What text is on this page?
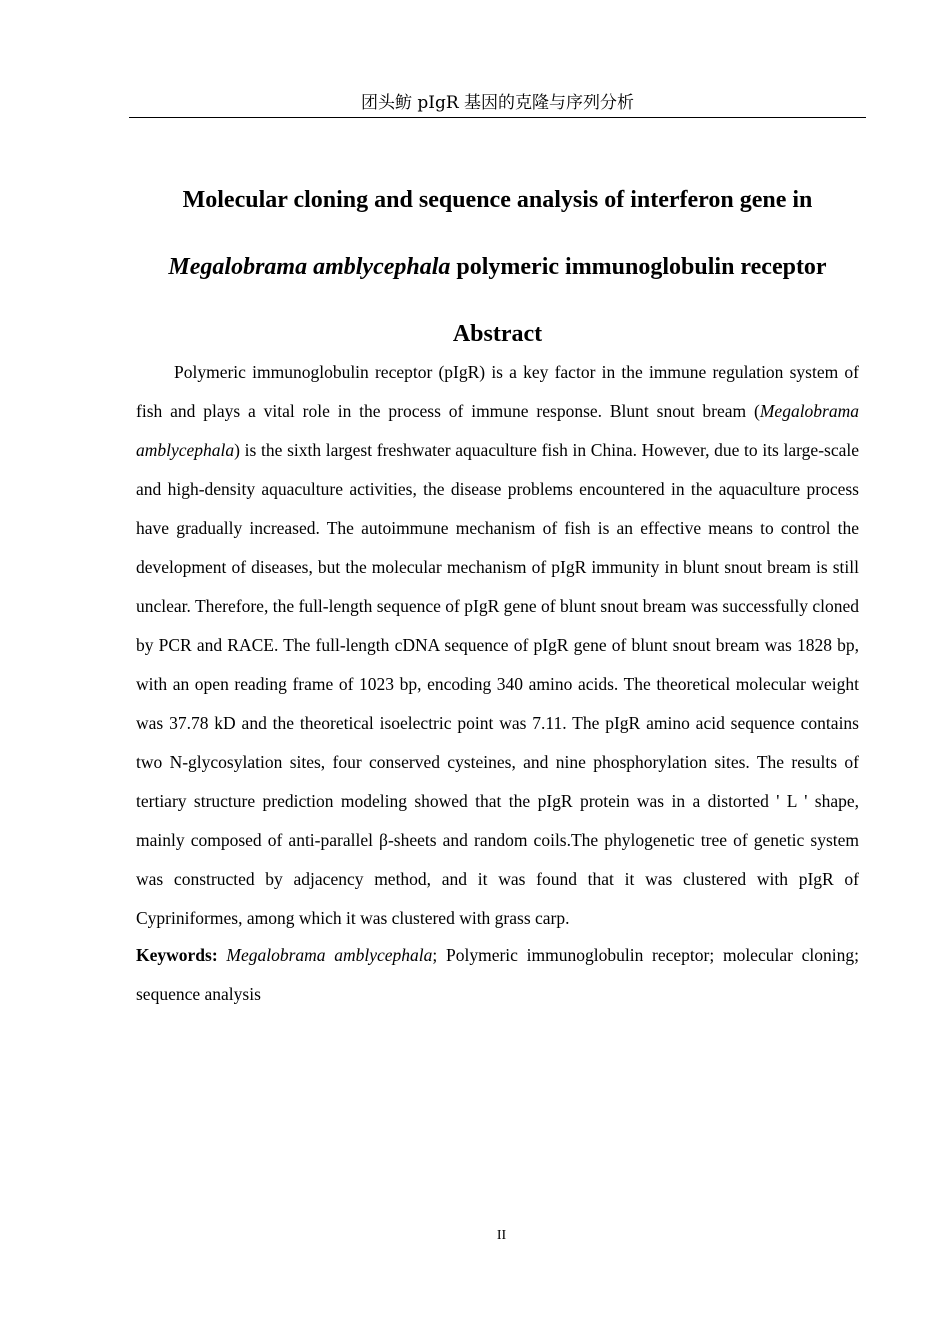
团头鲂 pIgR 基因的克隆与序列分析
Molecular cloning and sequence analysis of interferon gene in
Megalobrama amblycephala polymeric immunoglobulin receptor
Abstract

Polymeric immunoglobulin receptor (pIgR) is a key factor in the immune regulation system of fish and plays a vital role in the process of immune response. Blunt snout bream (Megalobrama amblycephala) is the sixth largest freshwater aquaculture fish in China. However, due to its large-scale and high-density aquaculture activities, the disease problems encountered in the aquaculture process have gradually increased. The autoimmune mechanism of fish is an effective means to control the development of diseases, but the molecular mechanism of pIgR immunity in blunt snout bream is still unclear. Therefore, the full-length sequence of pIgR gene of blunt snout bream was successfully cloned by PCR and RACE. The full-length cDNA sequence of pIgR gene of blunt snout bream was 1828 bp, with an open reading frame of 1023 bp, encoding 340 amino acids. The theoretical molecular weight was 37.78 kD and the theoretical isoelectric point was 7.11. The pIgR amino acid sequence contains two N-glycosylation sites, four conserved cysteines, and nine phosphorylation sites. The results of tertiary structure prediction modeling showed that the pIgR protein was in a distorted ' L ' shape, mainly composed of anti-parallel β-sheets and random coils.The phylogenetic tree of genetic system was constructed by adjacency method, and it was found that it was clustered with pIgR of Cypriniformes, among which it was clustered with grass carp.

Keywords: Megalobrama amblycephala; Polymeric immunoglobulin receptor; molecular cloning; sequence analysis

II
